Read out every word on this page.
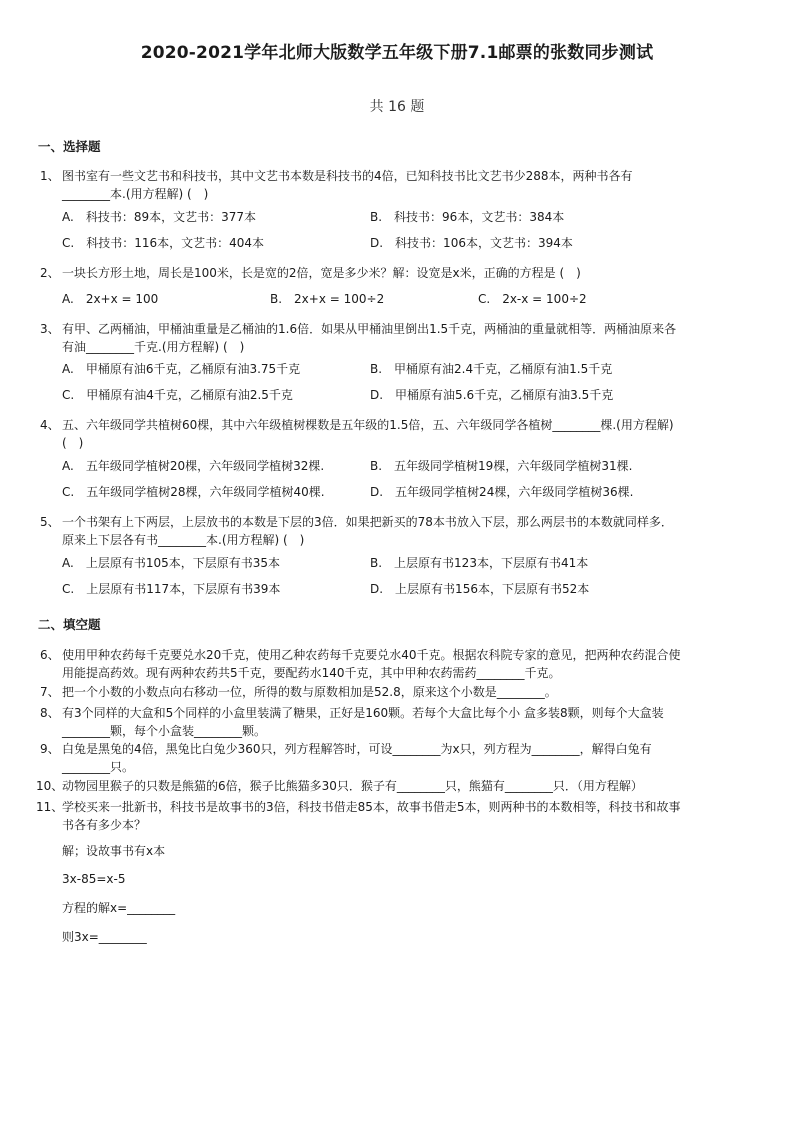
2020-2021学年北师大版数学五年级下册7.1邮票的张数同步测试
共 16 题
一、选择题
1、 图书室有一些文艺书和科技书，其中文艺书本数是科技书的4倍，已知科技书比文艺书少288本，两种书各有
________本.(用方程解) (　)
A.　科技书：89本，文艺书：377本	B.　科技书：96本，文艺书：384本
C.　科技书：116本，文艺书：404本	D.　科技书：106本，文艺书：394本
2、 一块长方形土地，周长是100米，长是宽的2倍，宽是多少米？解：设宽是x米，正确的方程是 (　)
A.　2x+x = 100	B.　2x+x = 100÷2	C.　2x-x = 100÷2
3、 有甲、乙两桶油，甲桶油重量是乙桶油的1.6倍．如果从甲桶油里倒出1.5千克，两桶油的重量就相等．两桶油原来各
有油________千克.(用方程解) (　)
A.　甲桶原有油6千克，乙桶原有油3.75千克	B.　甲桶原有油2.4千克，乙桶原有油1.5千克
C.　甲桶原有油4千克，乙桶原有油2.5千克	D.　甲桶原有油5.6千克，乙桶原有油3.5千克
4、 五、六年级同学共植树60棵，其中六年级植树棵数是五年级的1.5倍，五、六年级同学各植树________棵.(用方程解)
(　)
A.　五年级同学植树20棵，六年级同学植树32棵.	B.　五年级同学植树19棵，六年级同学植树31棵.
C.　五年级同学植树28棵，六年级同学植树40棵.	D.　五年级同学植树24棵，六年级同学植树36棵.
5、 一个书架有上下两层，上层放书的本数是下层的3倍．如果把新买的78本书放入下层，那么两层书的本数就同样多．
原来上下层各有书________本.(用方程解) (　)
A.　上层原有书105本，下层原有书35本	B.　上层原有书123本，下层原有书41本
C.　上层原有书117本，下层原有书39本	D.　上层原有书156本，下层原有书52本
二、填空题
6、 使用甲种农药每千克要兑水20千克，使用乙种农药每千克要兑水40千克。根据农科院专家的意见，把两种农药混合使
用能提高药效。现有两种农药共5千克，要配药水140千克，其中甲种农药需药________千克。
7、 把一个小数的小数点向右移动一位，所得的数与原数相加是52.8，原来这个小数是________。
8、 有3个同样的大盒和5个同样的小盒里装满了糖果，正好是160颗。若每个大盒比每个小 盒多装8颗，则每个大盒装
________颗，每个小盒装________颗。
9、 白兔是黑兔的4倍，黑兔比白兔少360只，列方程解答时，可设________为x只，列方程为________，解得白兔有
________只。
10、
动物园里猴子的只数是熊猫的6倍，猴子比熊猫多30只．猴子有________只，熊猫有________只．（用方程解）
11、
学校买来一批新书，科技书是故事书的3倍，科技书借走85本，故事书借走5本，则两种书的本数相等，科技书和故事
书各有多少本？
解；设故事书有x本
3x-85=x-5
方程的解x=________
则3x=________
